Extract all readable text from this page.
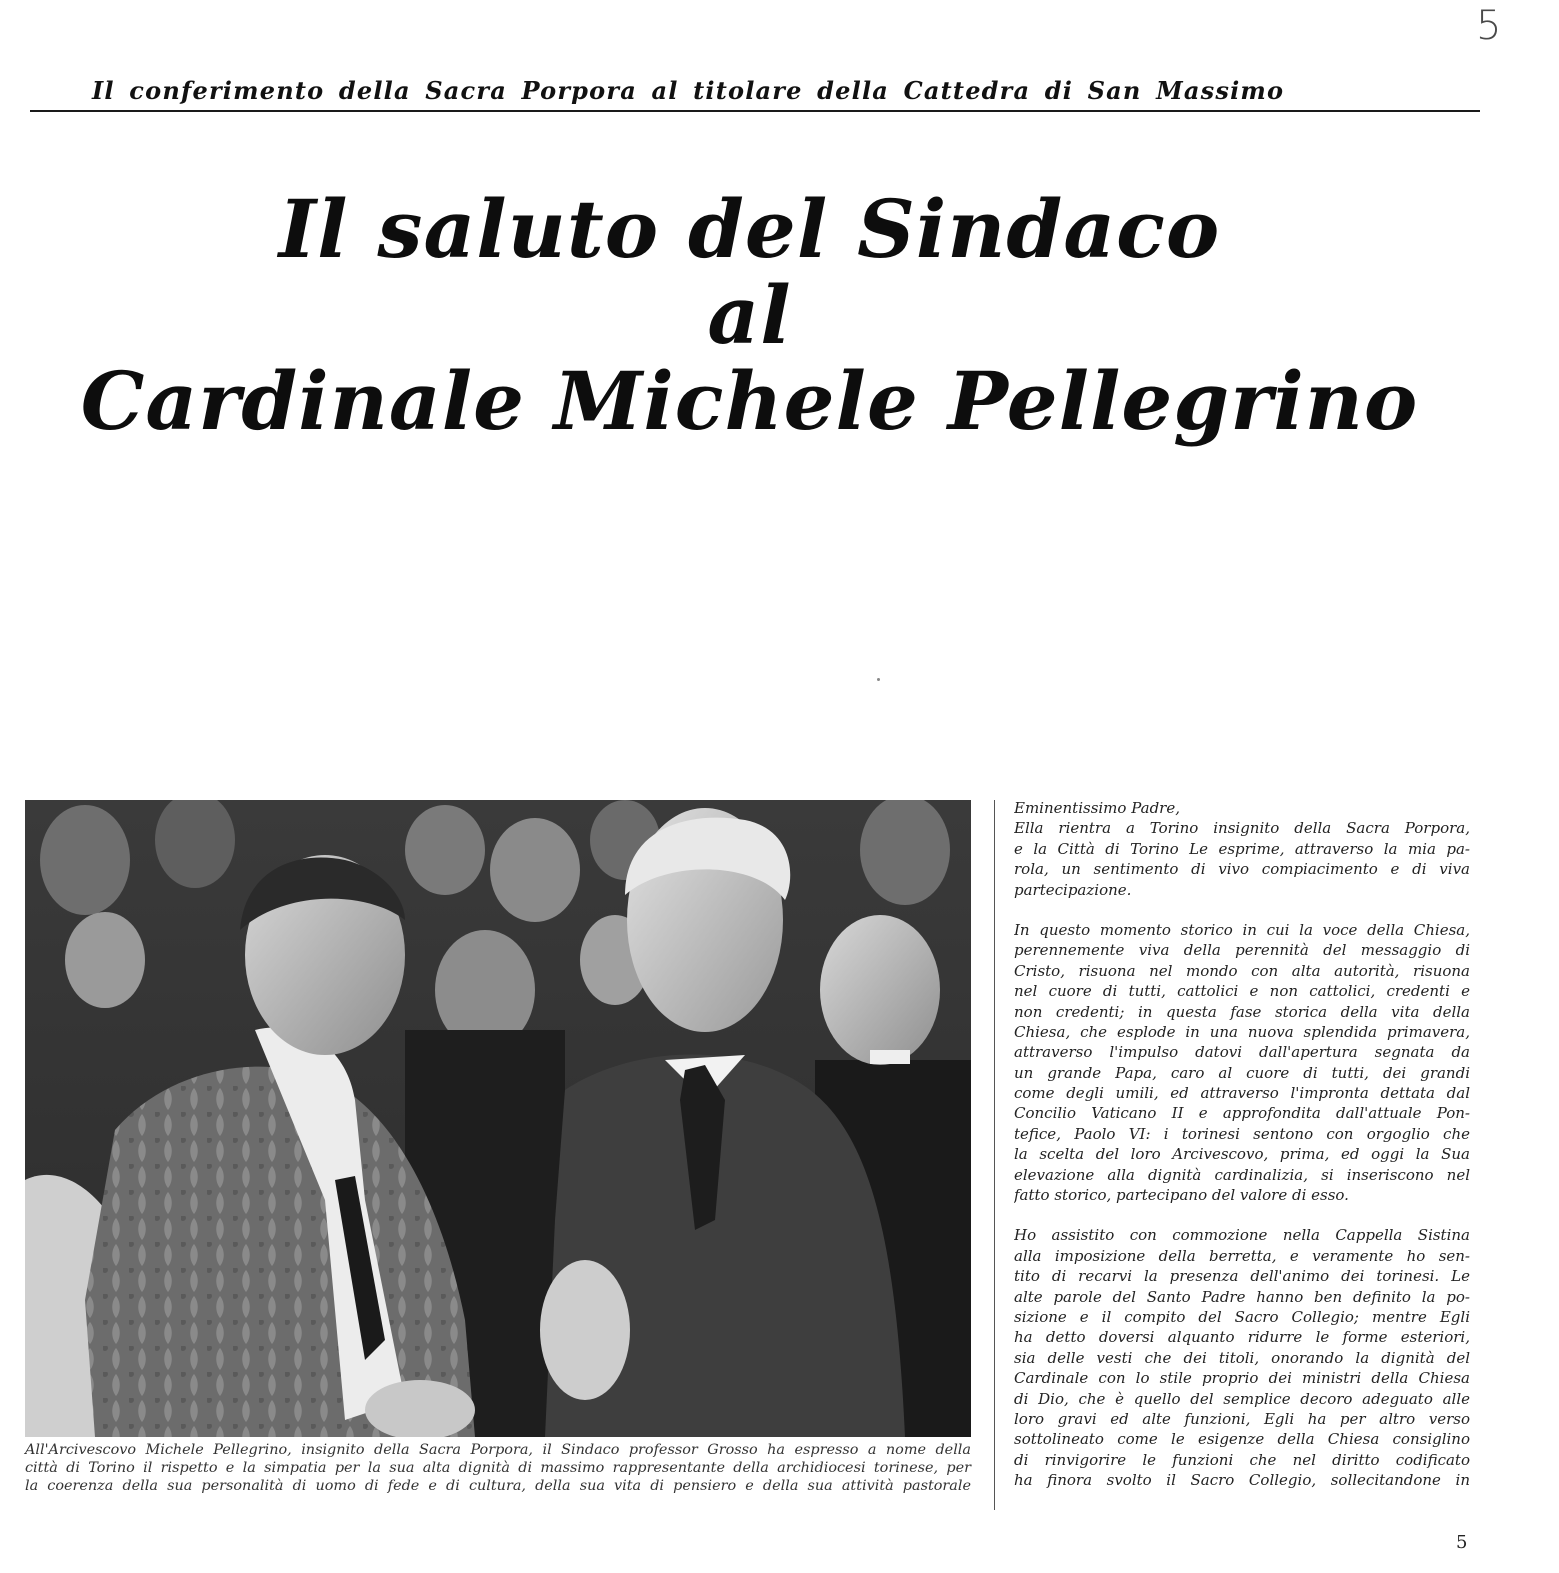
5
Il conferimento della Sacra Porpora al titolare della Cattedra di San Massimo
Il saluto del Sindaco
al
Cardinale Michele Pellegrino

All'Arcivescovo Michele Pellegrino, insignito della Sacra Porpora, il Sindaco professor Grosso ha espresso a nome della

città di Torino il rispetto e la simpatia per la sua alta dignità di massimo rappresentante della archidiocesi torinese, per

la coerenza della sua personalità di uomo di fede e di cultura, della sua vita di pensiero e della sua attività pastorale

Eminentissimo Padre,
Ella rientra a Torino insignito della Sacra Porpora,
e la Città di Torino Le esprime, attraverso la mia pa-
rola, un sentimento di vivo compiacimento e di viva
partecipazione.
In questo momento storico in cui la voce della Chiesa,
perennemente viva della perennità del messaggio di
Cristo, risuona nel mondo con alta autorità, risuona
nel cuore di tutti, cattolici e non cattolici, credenti e
non credenti; in questa fase storica della vita della
Chiesa, che esplode in una nuova splendida primavera,
attraverso l'impulso datovi dall'apertura segnata da
un grande Papa, caro al cuore di tutti, dei grandi
come degli umili, ed attraverso l'impronta dettata dal
Concilio Vaticano II e approfondita dall'attuale Pon-
tefice, Paolo VI: i torinesi sentono con orgoglio che
la scelta del loro Arcivescovo, prima, ed oggi la Sua
elevazione alla dignità cardinalizia, si inseriscono nel
fatto storico, partecipano del valore di esso.
Ho assistito con commozione nella Cappella Sistina
alla imposizione della berretta, e veramente ho sen-
tito di recarvi la presenza dell'animo dei torinesi. Le
alte parole del Santo Padre hanno ben definito la po-
sizione e il compito del Sacro Collegio; mentre Egli
ha detto doversi alquanto ridurre le forme esteriori,
sia delle vesti che dei titoli, onorando la dignità del
Cardinale con lo stile proprio dei ministri della Chiesa
di Dio, che è quello del semplice decoro adeguato alle
loro gravi ed alte funzioni, Egli ha per altro verso
sottolineato come le esigenze della Chiesa consiglino
di rinvigorire le funzioni che nel diritto codificato
ha finora svolto il Sacro Collegio, sollecitandone in
5
